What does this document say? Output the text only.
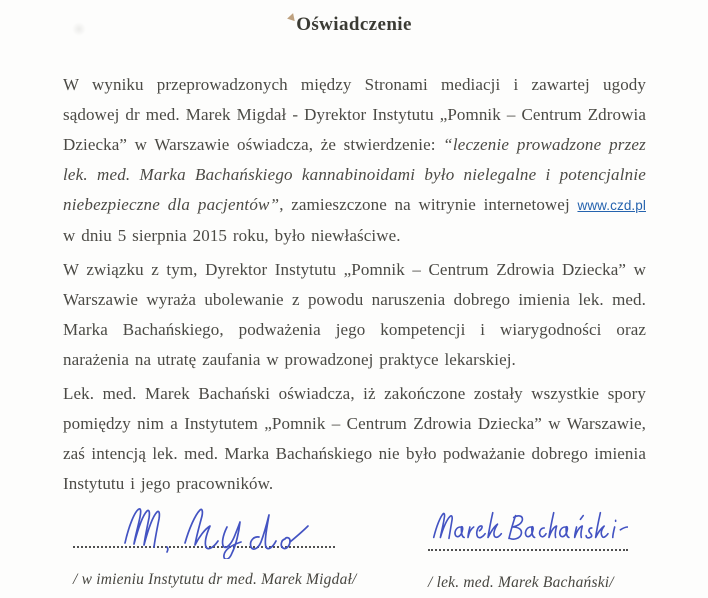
Oświadczenie

W wyniku przeprowadzonych między Stronami mediacji i zawartej ugody sądowej dr med. Marek Migdał - Dyrektor Instytutu „Pomnik – Centrum Zdrowia Dziecka” w Warszawie oświadcza, że stwierdzenie: “leczenie prowadzone przez lek. med. Marka Bachańskiego kannabinoidami było nielegalne i potencjalnie niebezpieczne dla pacjentów”, zamieszczone na witrynie internetowej www.czd.pl w dniu 5 sierpnia 2015 roku, było niewłaściwe.

W związku z tym, Dyrektor Instytutu „Pomnik – Centrum Zdrowia Dziecka” w Warszawie wyraża ubolewanie z powodu naruszenia dobrego imienia lek. med. Marka Bachańskiego, podważenia jego kompetencji i wiarygodności oraz narażenia na utratę zaufania w prowadzonej praktyce lekarskiej.

Lek. med. Marek Bachański oświadcza, iż zakończone zostały wszystkie spory pomiędzy nim a Instytutem „Pomnik – Centrum Zdrowia Dziecka” w Warszawie, zaś intencją lek. med. Marka Bachańskiego nie było podważanie dobrego imienia Instytutu i jego pracowników.

/ w imieniu Instytutu dr med. Marek Migdał/	/ lek. med. Marek Bachański/
